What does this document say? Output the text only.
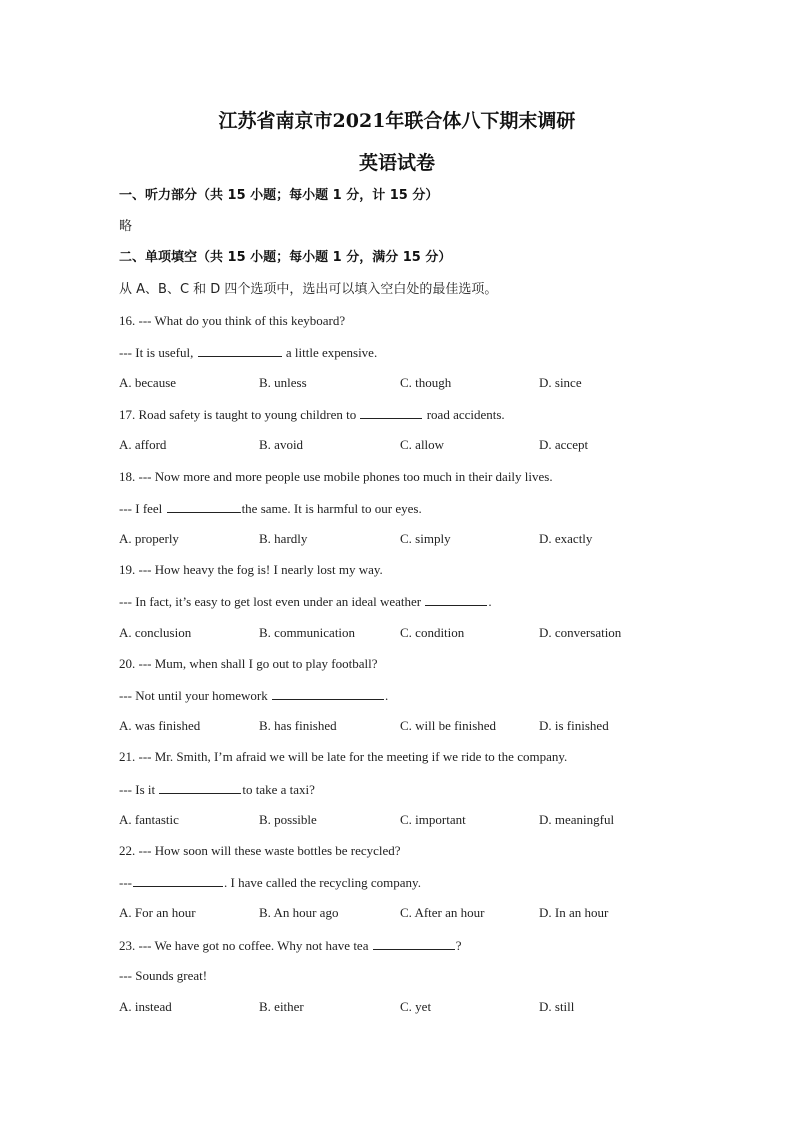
江苏省南京市2021年联合体八下期末调研
英语试卷
一、听力部分（共 15 小题；每小题 1 分，计 15 分）
略
二、单项填空（共 15 小题；每小题 1 分，满分 15 分）
从 A、B、C 和 D 四个选项中，选出可以填入空白处的最佳选项。
16. --- What do you think of this keyboard?
--- It is useful,	a little expensive.
A. because	B. unless	C. though	D. since
17. Road safety is taught to young children to	road accidents.
A. afford	B. avoid	C. allow	D. accept
18. --- Now more and more people use mobile phones too much in their daily lives.
--- I feel	the same. It is harmful to our eyes.
A. properly	B. hardly	C. simply	D. exactly
19. --- How heavy the fog is! I nearly lost my way.
--- In fact, it’s easy to get lost even under an ideal weather	.
A. conclusion	B. communication	C. condition	D. conversation
20. --- Mum, when shall I go out to play football?
--- Not until your homework	.
A. was finished	B. has finished	C. will be finished	D. is finished
21. --- Mr. Smith, I’m afraid we will be late for the meeting if we ride to the company.
--- Is it	to take a taxi?
A. fantastic	B. possible	C. important	D. meaningful
22. --- How soon will these waste bottles be recycled?
---	. I have called the recycling company.
A. For an hour	B. An hour ago	C. After an hour	D. In an hour
23. --- We have got no coffee. Why not have tea	?
--- Sounds great!
A. instead	B. either	C. yet	D. still
